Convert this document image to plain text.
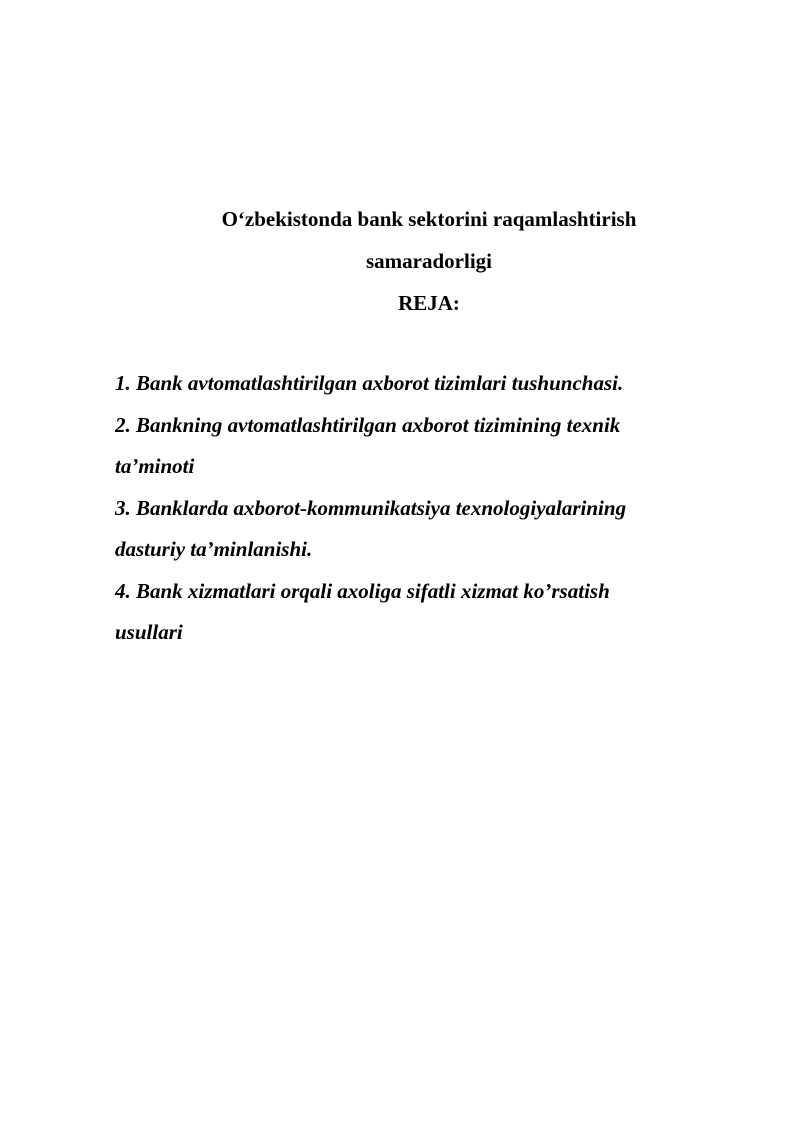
O‘zbekistonda bank sektorini raqamlashtirish
samaradorligi
REJA:
1. Bank avtomatlashtirilgan axborot tizimlari tushunchasi.
2. Bankning avtomatlashtirilgan axborot tizimining texnik
ta’minoti
3. Banklarda axborot-kommunikatsiya texnologiyalarining
dasturiy ta’minlanishi.
4. Bank xizmatlari orqali axoliga sifatli xizmat ko’rsatish
usullari
